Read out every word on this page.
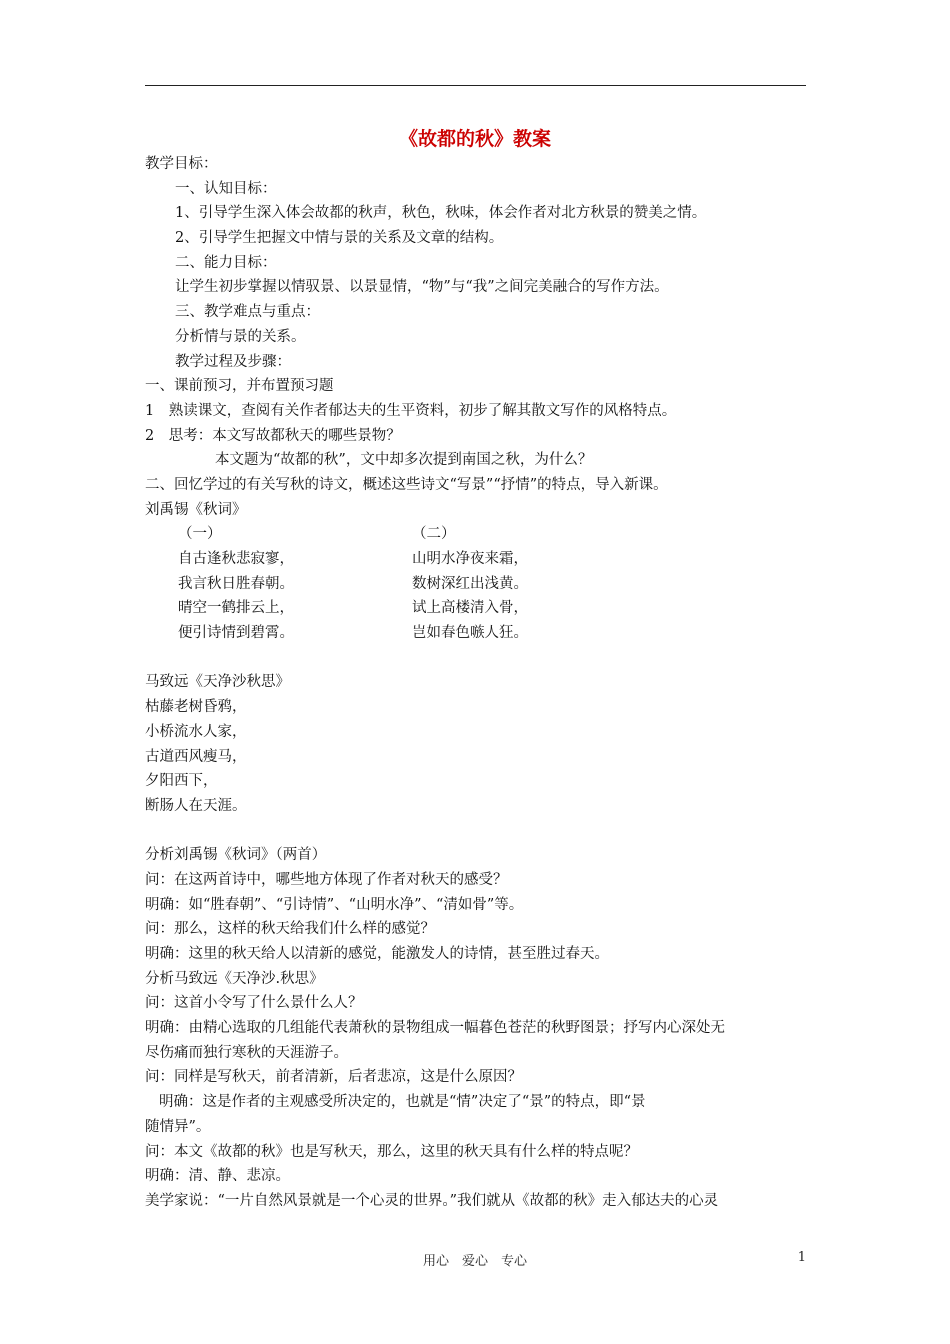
《故都的秋》教案
教学目标：
一、认知目标：
1、引导学生深入体会故都的秋声，秋色，秋味，体会作者对北方秋景的赞美之情。
2、引导学生把握文中情与景的关系及文章的结构。
二、能力目标：
让学生初步掌握以情驭景、以景显情，“物”与“我”之间完美融合的写作方法。
三、教学难点与重点：
分析情与景的关系。
教学过程及步骤：
一、课前预习，并布置预习题
1　熟读课文，查阅有关作者郁达夫的生平资料，初步了解其散文写作的风格特点。
2　思考：本文写故都秋天的哪些景物？
本文题为“故都的秋”，文中却多次提到南国之秋，为什么？
二、回忆学过的有关写秋的诗文，概述这些诗文“写景”“抒情”的特点，导入新课。
刘禹锡《秋词》
（一）	（二）
自古逢秋悲寂寥，	山明水净夜来霜，
我言秋日胜春朝。	数树深红出浅黄。
晴空一鹤排云上，	试上高楼清入骨，
便引诗情到碧霄。	岂如春色嗾人狂。
马致远《天净沙秋思》
枯藤老树昏鸦，
小桥流水人家，
古道西风瘦马，
夕阳西下，
断肠人在天涯。
分析刘禹锡《秋词》（两首）
问：在这两首诗中，哪些地方体现了作者对秋天的感受？
明确：如“胜春朝”、“引诗情”、“山明水净”、“清如骨”等。
问：那么，这样的秋天给我们什么样的感觉？
明确：这里的秋天给人以清新的感觉，能激发人的诗情，甚至胜过春天。
分析马致远《天净沙.秋思》
问：这首小令写了什么景什么人？
明确：由精心选取的几组能代表萧秋的景物组成一幅暮色苍茫的秋野图景；抒写内心深处无
尽伤痛而独行寒秋的天涯游子。
问：同样是写秋天，前者清新，后者悲凉，这是什么原因？
明确：这是作者的主观感受所决定的，也就是“情”决定了“景”的特点，即“景
随情异”。
问：本文《故都的秋》也是写秋天，那么，这里的秋天具有什么样的特点呢？
明确：清、静、悲凉。
美学家说：“一片自然风景就是一个心灵的世界。”我们就从《故都的秋》走入郁达夫的心灵
用心　爱心　专心	1
